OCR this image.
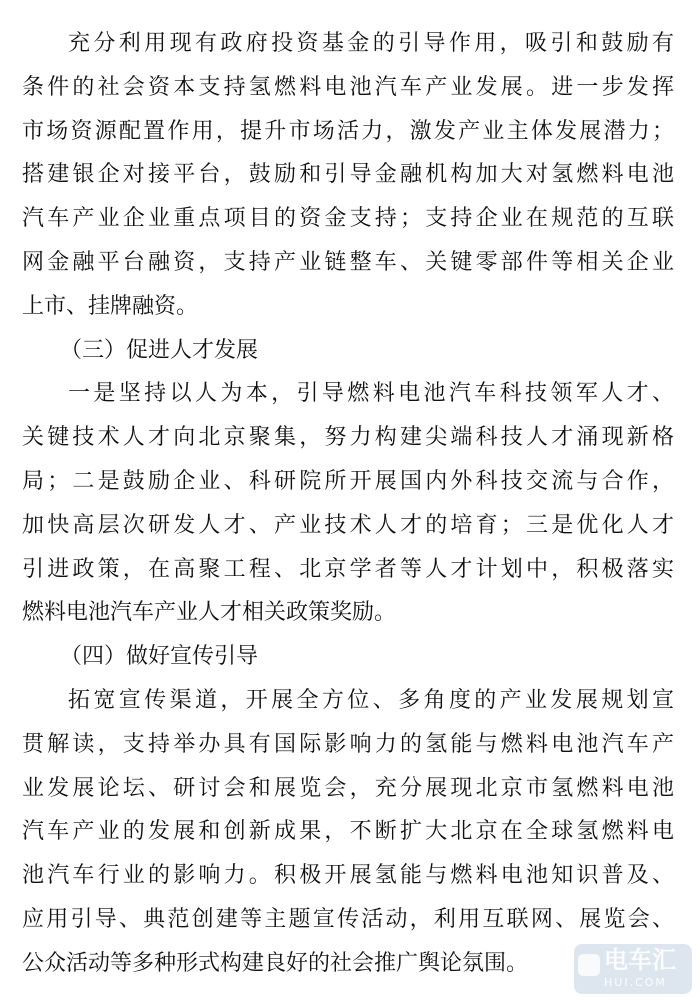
充分利用现有政府投资基金的引导作用，吸引和鼓励有
条件的社会资本支持氢燃料电池汽车产业发展。进一步发挥
市场资源配置作用，提升市场活力，激发产业主体发展潜力；
搭建银企对接平台，鼓励和引导金融机构加大对氢燃料电池
汽车产业企业重点项目的资金支持；支持企业在规范的互联
网金融平台融资，支持产业链整车、关键零部件等相关企业
上市、挂牌融资。
（三）促进人才发展
一是坚持以人为本，引导燃料电池汽车科技领军人才、
关键技术人才向北京聚集，努力构建尖端科技人才涌现新格
局；二是鼓励企业、科研院所开展国内外科技交流与合作，
加快高层次研发人才、产业技术人才的培育；三是优化人才
引进政策，在高聚工程、北京学者等人才计划中，积极落实
燃料电池汽车产业人才相关政策奖励。
（四）做好宣传引导
拓宽宣传渠道，开展全方位、多角度的产业发展规划宣
贯解读，支持举办具有国际影响力的氢能与燃料电池汽车产
业发展论坛、研讨会和展览会，充分展现北京市氢燃料电池
汽车产业的发展和创新成果，不断扩大北京在全球氢燃料电
池汽车行业的影响力。积极开展氢能与燃料电池知识普及、
应用引导、典范创建等主题宣传活动，利用互联网、展览会、
公众活动等多种形式构建良好的社会推广舆论氛围。	电车汇
HUI.COM
